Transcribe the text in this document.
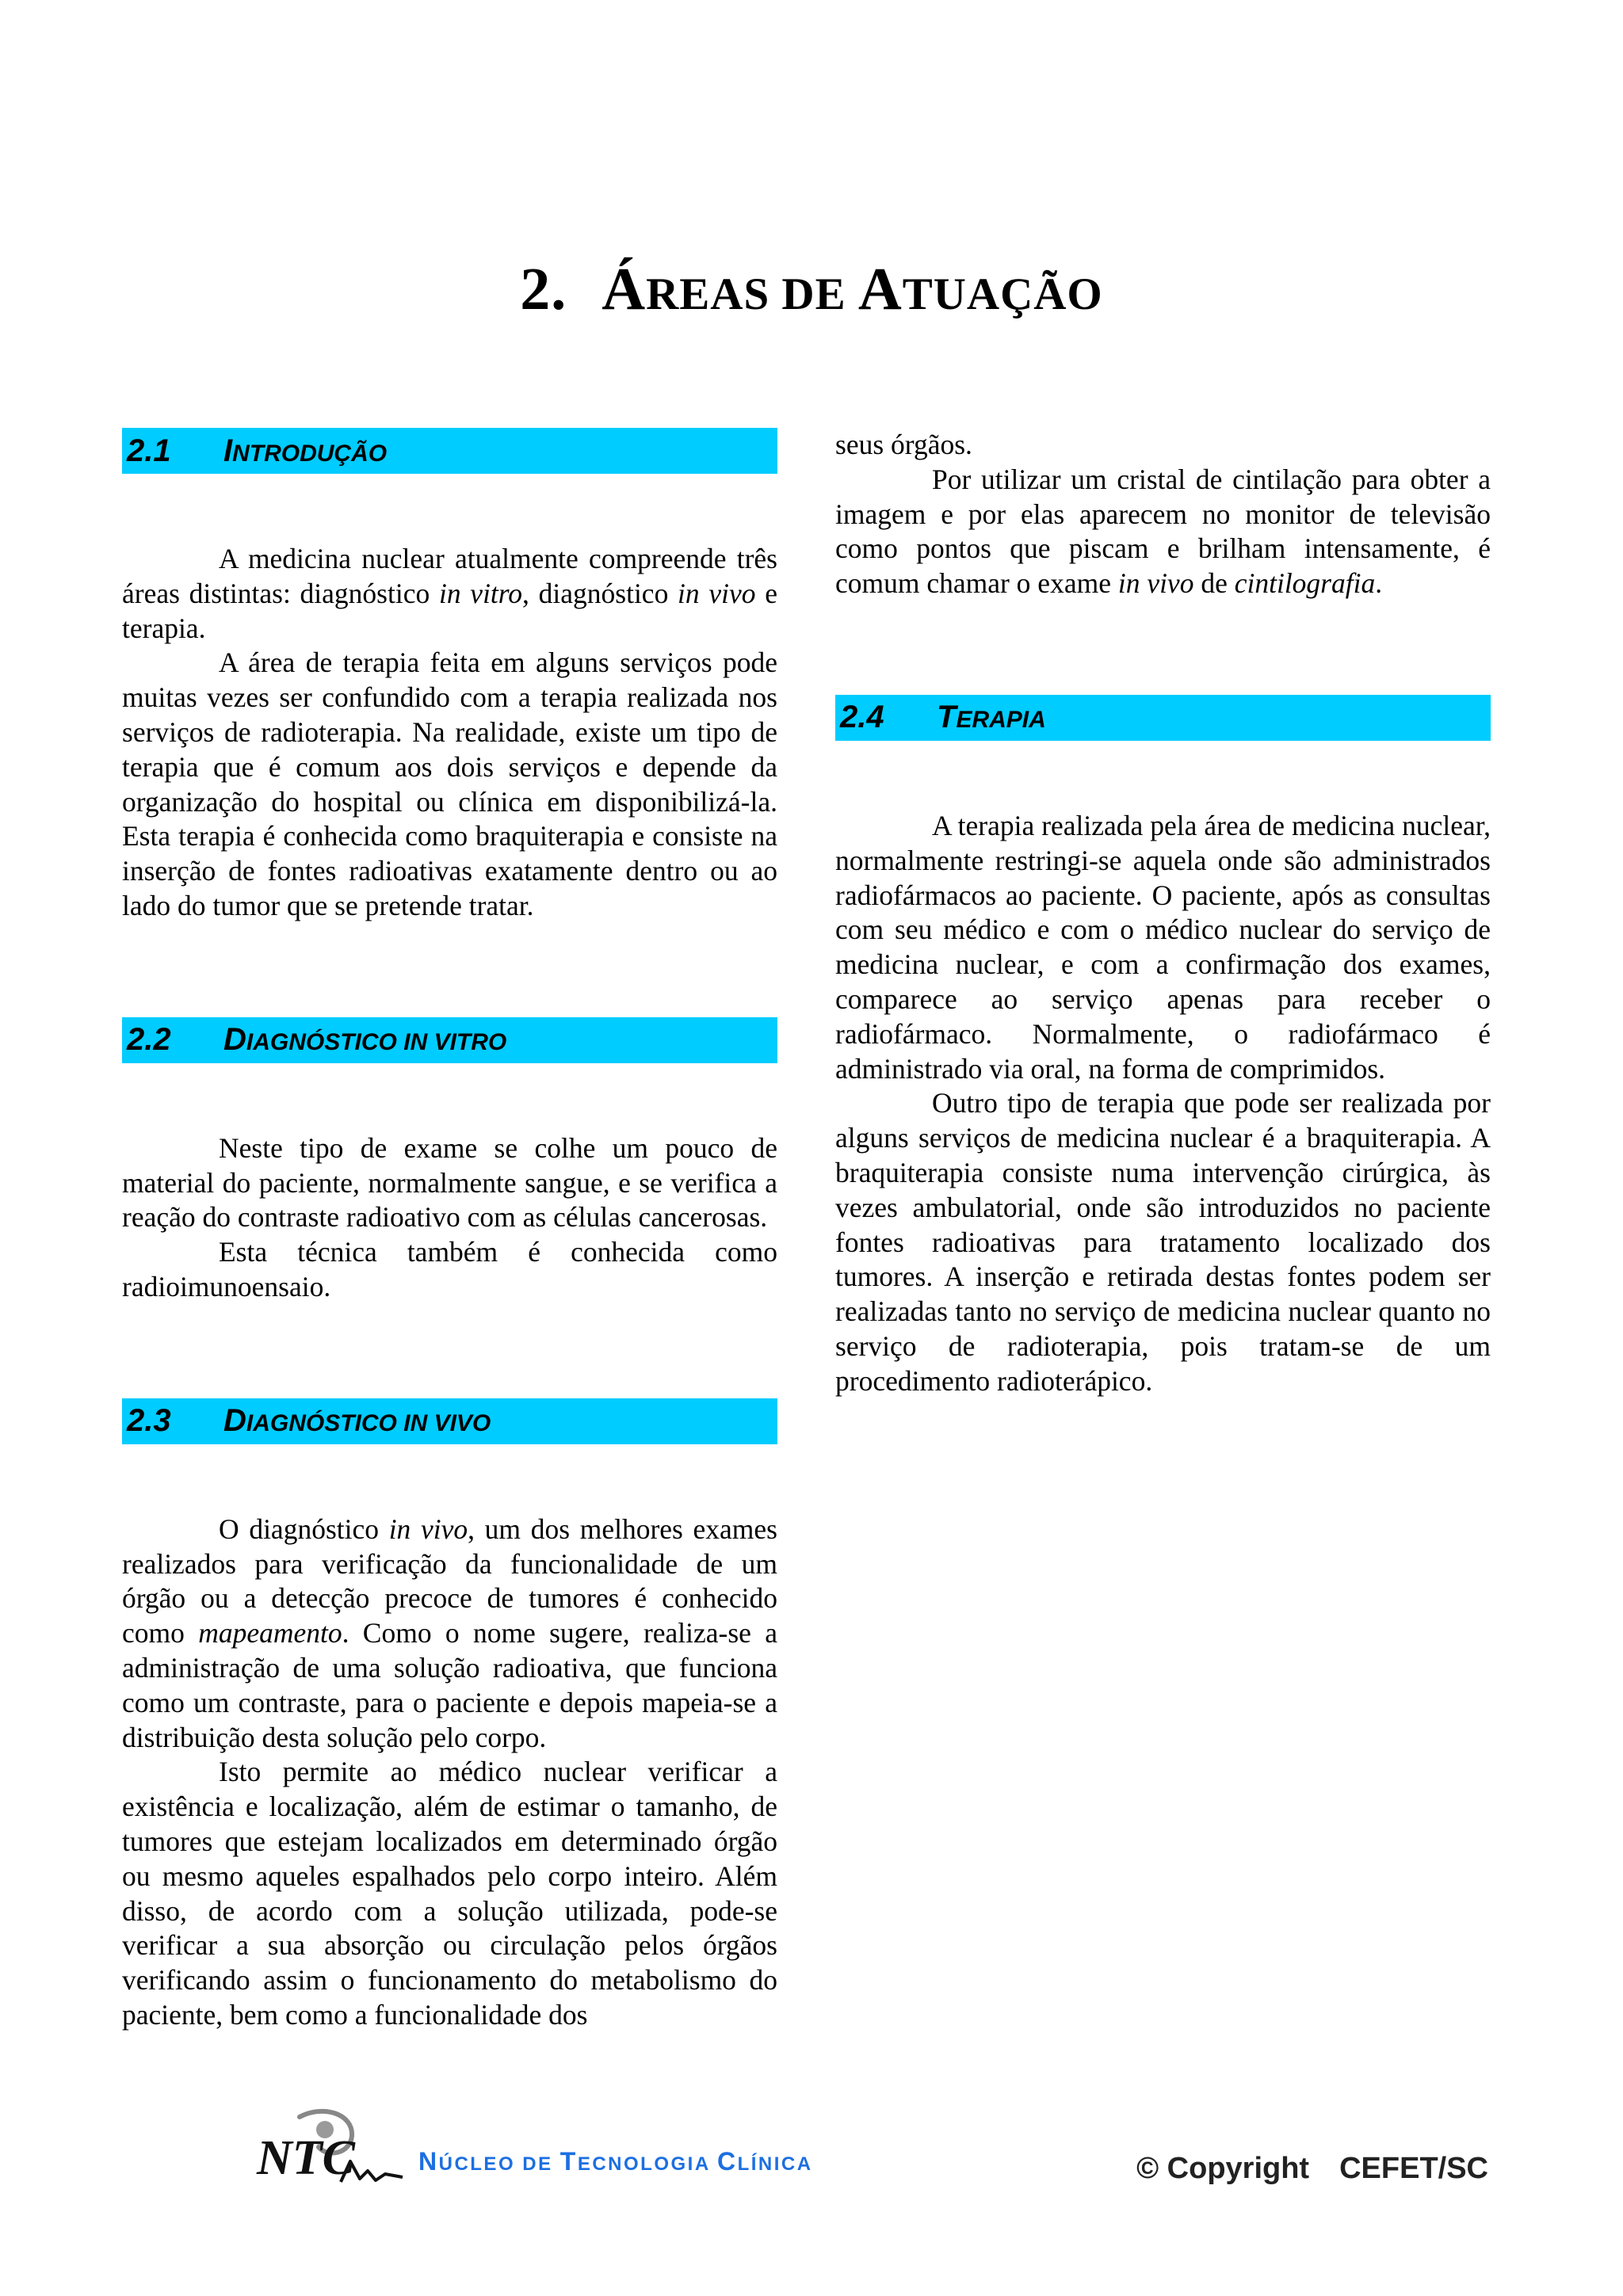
2. ÁREAS DE ATUAÇÃO
2.1	INTRODUÇÃO

A medicina nuclear atualmente compreende três áreas distintas: diagnóstico in vitro, diagnóstico in vivo e terapia.

A área de terapia feita em alguns serviços pode muitas vezes ser confundido com a terapia realizada nos serviços de radioterapia. Na realidade, existe um tipo de terapia que é comum aos dois serviços e depende da organização do hospital ou clínica em disponibilizá-la. Esta terapia é conhecida como braquiterapia e consiste na inserção de fontes radioativas exatamente dentro ou ao lado do tumor que se pretende tratar.

2.2	DIAGNÓSTICO IN VITRO

Neste tipo de exame se colhe um pouco de material do paciente, normalmente sangue, e se verifica a reação do contraste radioativo com as células cancerosas.

Esta técnica também é conhecida como radioimunoensaio.

2.3	DIAGNÓSTICO IN VIVO

O diagnóstico in vivo, um dos melhores exames realizados para verificação da funcionalidade de um órgão ou a detecção precoce de tumores é conhecido como mapeamento. Como o nome sugere, realiza-se a administração de uma solução radioativa, que funciona como um contraste, para o paciente e depois mapeia-se a distribuição desta solução pelo corpo.

Isto permite ao médico nuclear verificar a existência e localização, além de estimar o tamanho, de tumores que estejam localizados em determinado órgão ou mesmo aqueles espalhados pelo corpo inteiro. Além disso, de acordo com a solução utilizada, pode-se verificar a sua absorção ou circulação pelos órgãos verificando assim o funcionamento do metabolismo do paciente, bem como a funcionalidade dos

seus órgãos.

Por utilizar um cristal de cintilação para obter a imagem e por elas aparecem no monitor de televisão como pontos que piscam e brilham intensamente, é comum chamar o exame in vivo de cintilografia.

2.4	TERAPIA

A terapia realizada pela área de medicina nuclear, normalmente restringi-se aquela onde são administrados radiofármacos ao paciente. O paciente, após as consultas com seu médico e com o médico nuclear do serviço de medicina nuclear, e com a confirmação dos exames, comparece ao serviço apenas para receber o radiofármaco. Normalmente, o radiofármaco é administrado via oral, na forma de comprimidos.

Outro tipo de terapia que pode ser realizada por alguns serviços de medicina nuclear é a braquiterapia. A braquiterapia consiste numa intervenção cirúrgica, às vezes ambulatorial, onde são introduzidos no paciente fontes radioativas para tratamento localizado dos tumores. A inserção e retirada destas fontes podem ser realizadas tanto no serviço de medicina nuclear quanto no serviço de radioterapia, pois tratam-se de um procedimento radioterápico.

NTC	NÚCLEO DE TECNOLOGIA CLÍNICA	© Copyright CEFET/SC
